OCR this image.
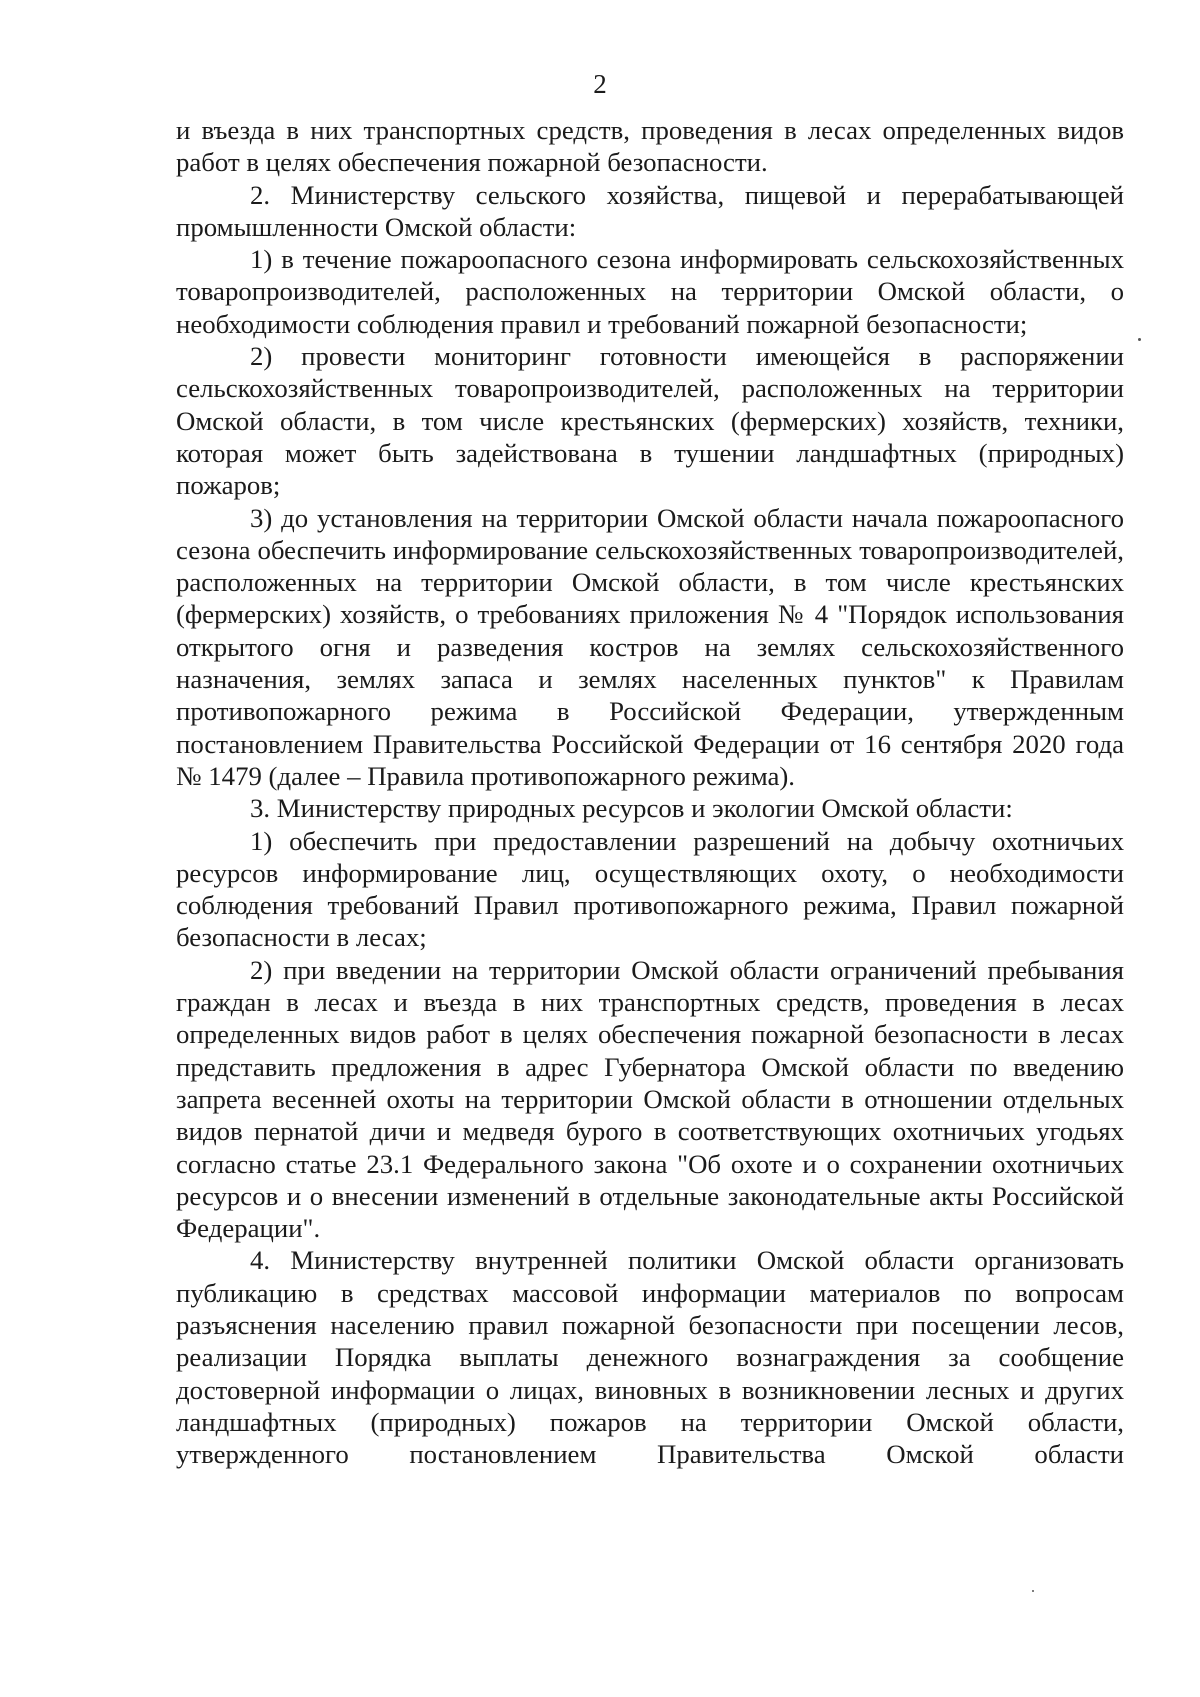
2

и въезда в них транспортных средств, проведения в лесах определенных видов работ в целях обеспечения пожарной безопасности.

2. Министерству сельского хозяйства, пищевой и перерабатывающей промышленности Омской области:

1) в течение пожароопасного сезона информировать сельскохозяйственных товаропроизводителей, расположенных на территории Омской области, о необходимости соблюдения правил и требований пожарной безопасности;

2) провести мониторинг готовности имеющейся в распоряжении сельскохозяйственных товаропроизводителей, расположенных на территории Омской области, в том числе крестьянских (фермерских) хозяйств, техники, которая может быть задействована в тушении ландшафтных (природных) пожаров;

3) до установления на территории Омской области начала пожароопасного сезона обеспечить информирование сельскохозяйственных товаропроизводителей, расположенных на территории Омской области, в том числе крестьянских (фермерских) хозяйств, о требованиях приложения № 4 "Порядок использования открытого огня и разведения костров на землях сельскохозяйственного назначения, землях запаса и землях населенных пунктов" к Правилам противопожарного режима в Российской Федерации, утвержденным постановлением Правительства Российской Федерации от 16 сентября 2020 года № 1479 (далее – Правила противопожарного режима).

3. Министерству природных ресурсов и экологии Омской области:

1) обеспечить при предоставлении разрешений на добычу охотничьих ресурсов информирование лиц, осуществляющих охоту, о необходимости соблюдения требований Правил противопожарного режима, Правил пожарной безопасности в лесах;

2) при введении на территории Омской области ограничений пребывания граждан в лесах и въезда в них транспортных средств, проведения в лесах определенных видов работ в целях обеспечения пожарной безопасности в лесах представить предложения в адрес Губернатора Омской области по введению запрета весенней охоты на территории Омской области в отношении отдельных видов пернатой дичи и медведя бурого в соответствующих охотничьих угодьях согласно статье 23.1 Федерального закона "Об охоте и о сохранении охотничьих ресурсов и о внесении изменений в отдельные законодательные акты Российской Федерации".

4. Министерству внутренней политики Омской области организовать публикацию в средствах массовой информации материалов по вопросам разъяснения населению правил пожарной безопасности при посещении лесов, реализации Порядка выплаты денежного вознаграждения за сообщение достоверной информации о лицах, виновных в возникновении лесных и других ландшафтных (природных) пожаров на территории Омской области, утвержденного постановлением Правительства Омской области
